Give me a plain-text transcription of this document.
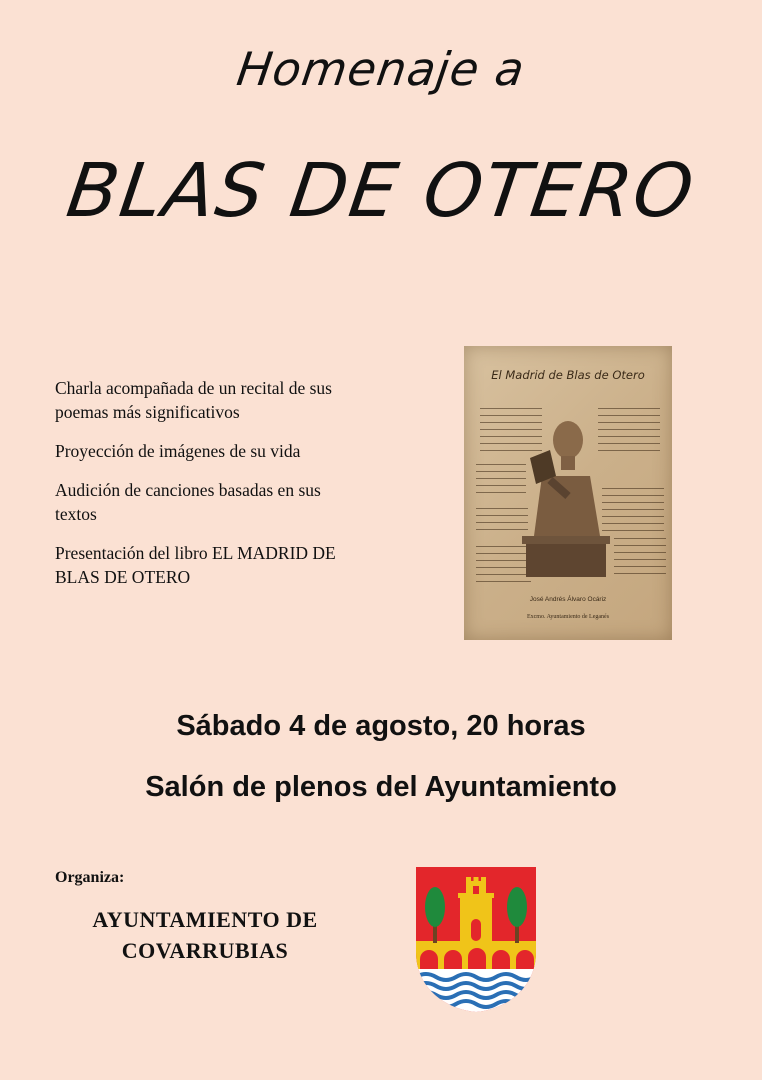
Homenaje a
BLAS DE OTERO
Charla acompañada de un recital de sus poemas más significativos
Proyección de imágenes de su vida
Audición de canciones basadas en sus textos
Presentación del libro EL MADRID DE BLAS DE OTERO
El Madrid de Blas de Otero
José Andrés Álvaro Ocáriz
Excmo. Ayuntamiento de Leganés

Sábado 4 de agosto, 20 horas

Salón de plenos del Ayuntamiento

Organiza:
AYUNTAMIENTO DE COVARRUBIAS
